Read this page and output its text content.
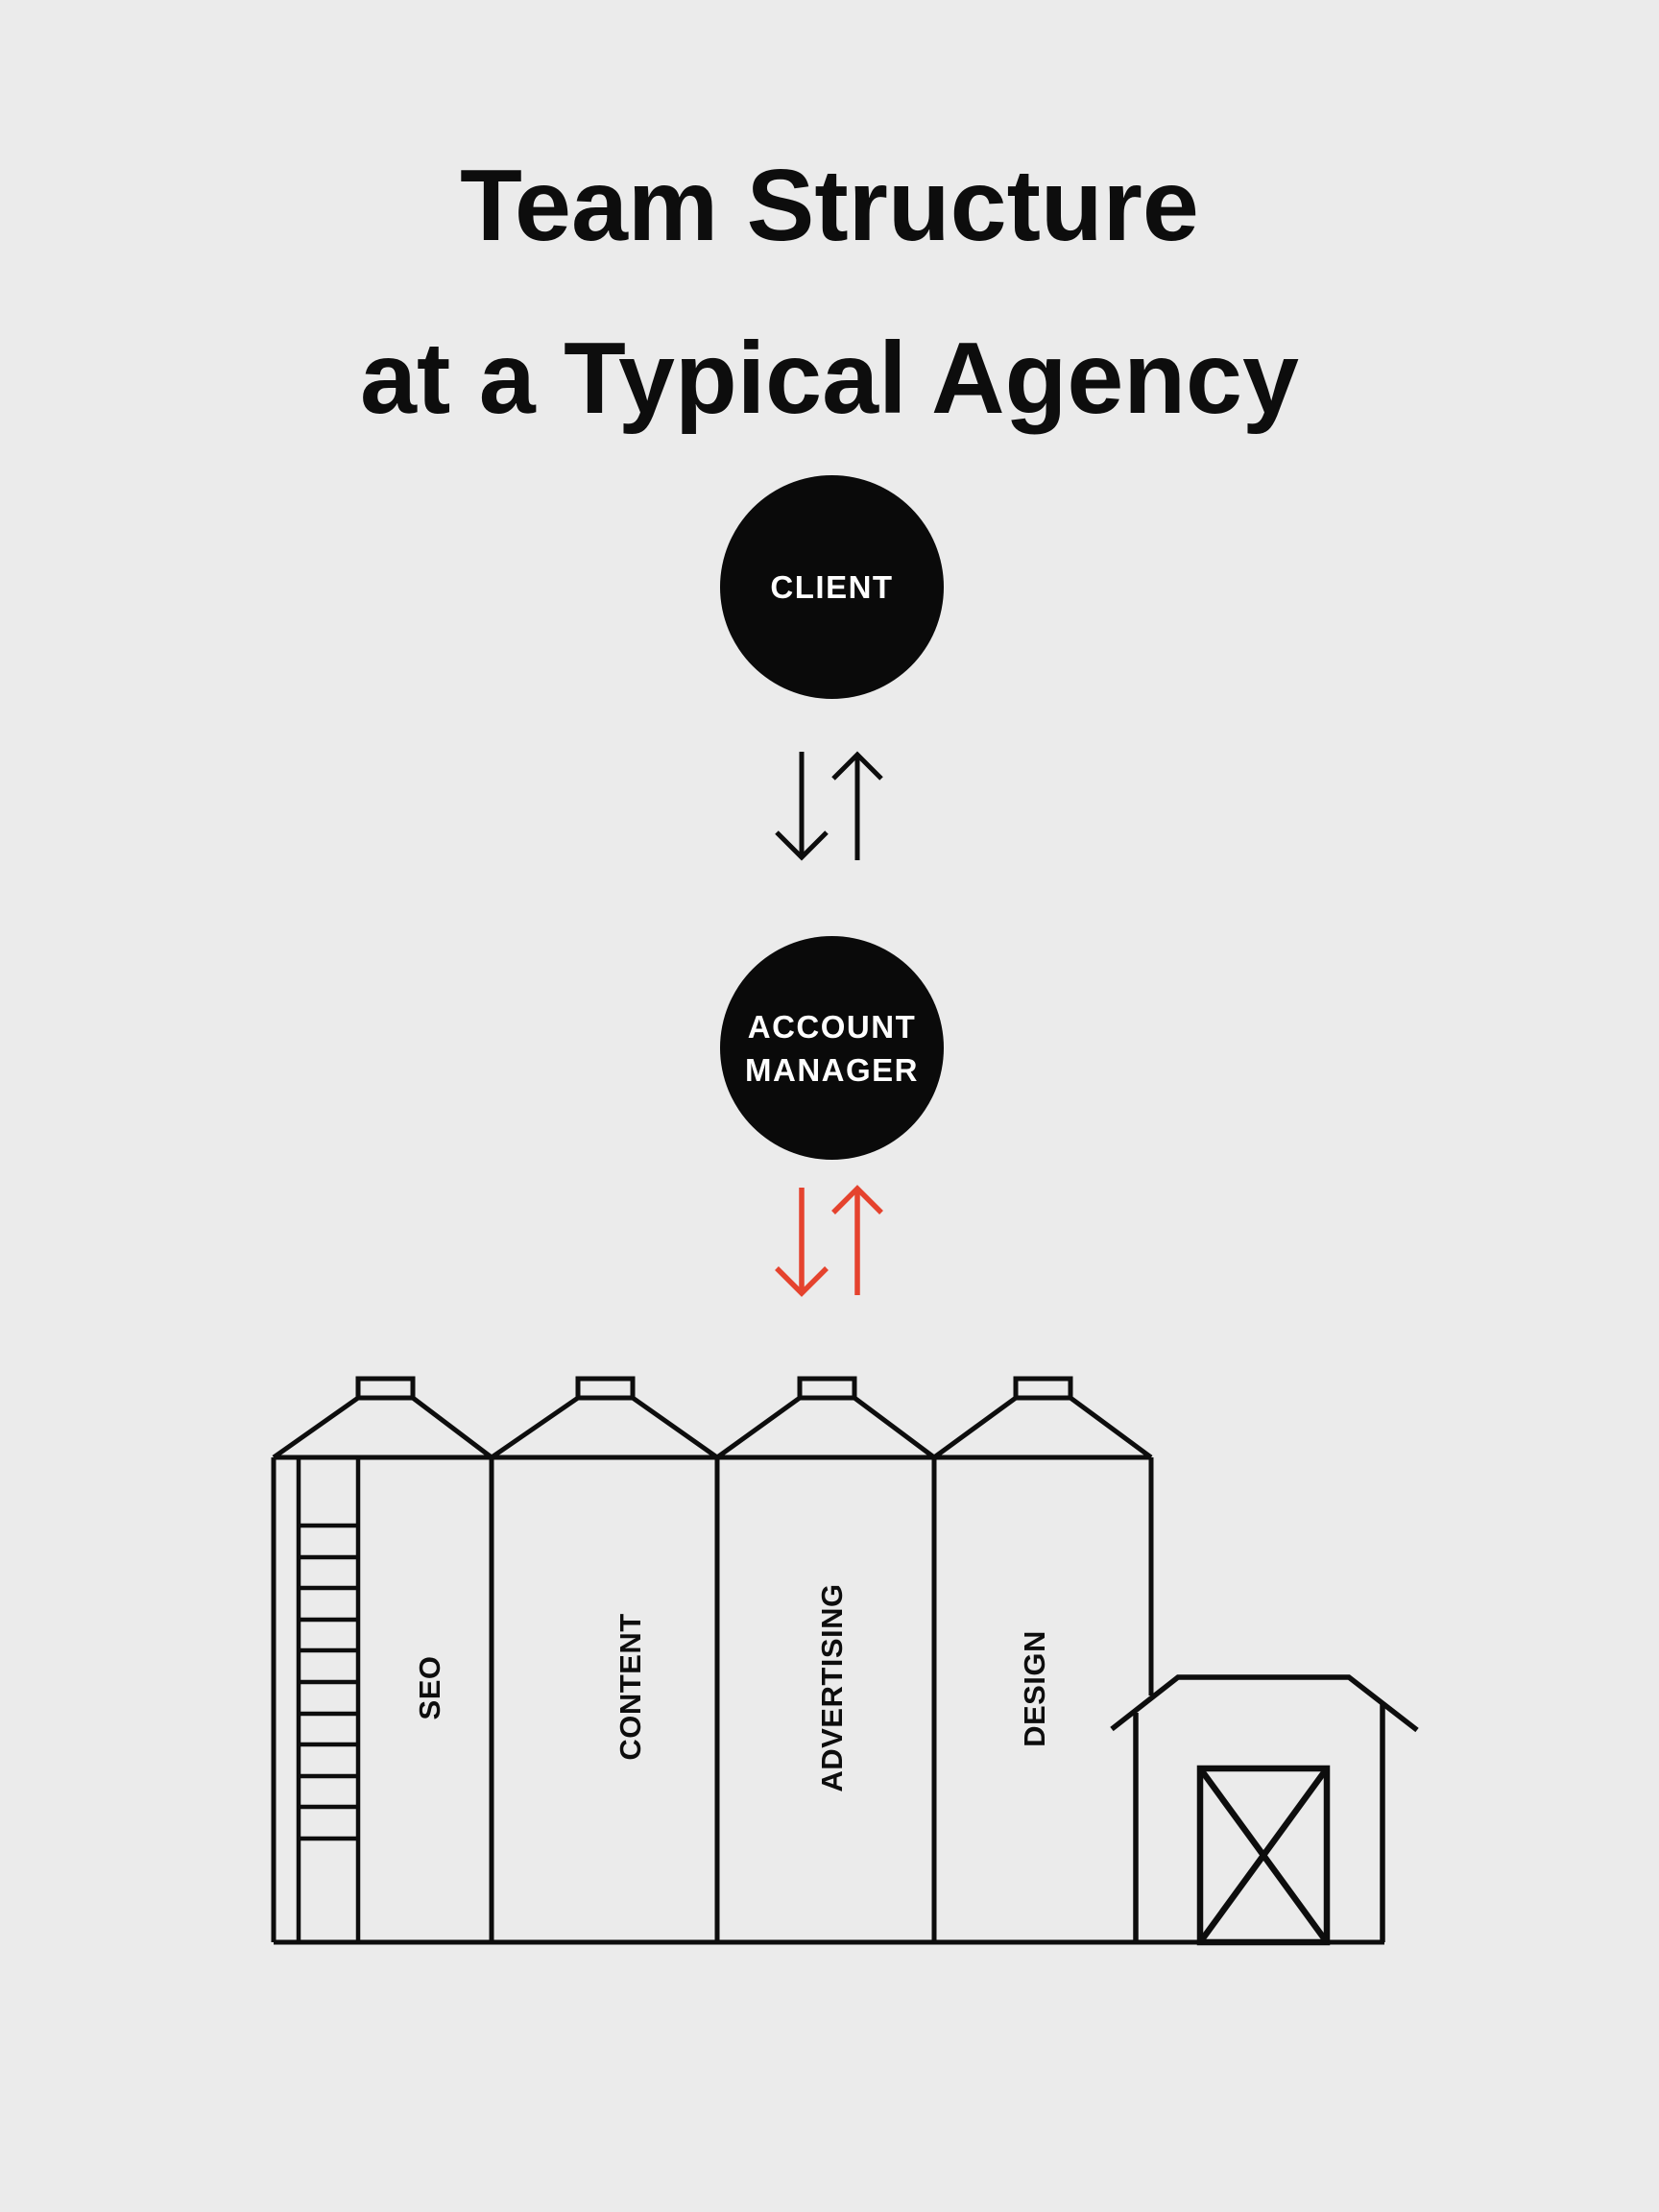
Team Structure
at a Typical Agency
CLIENT
ACCOUNT
MANAGER
SEO	CONTENT	ADVERTISING	DESIGN
